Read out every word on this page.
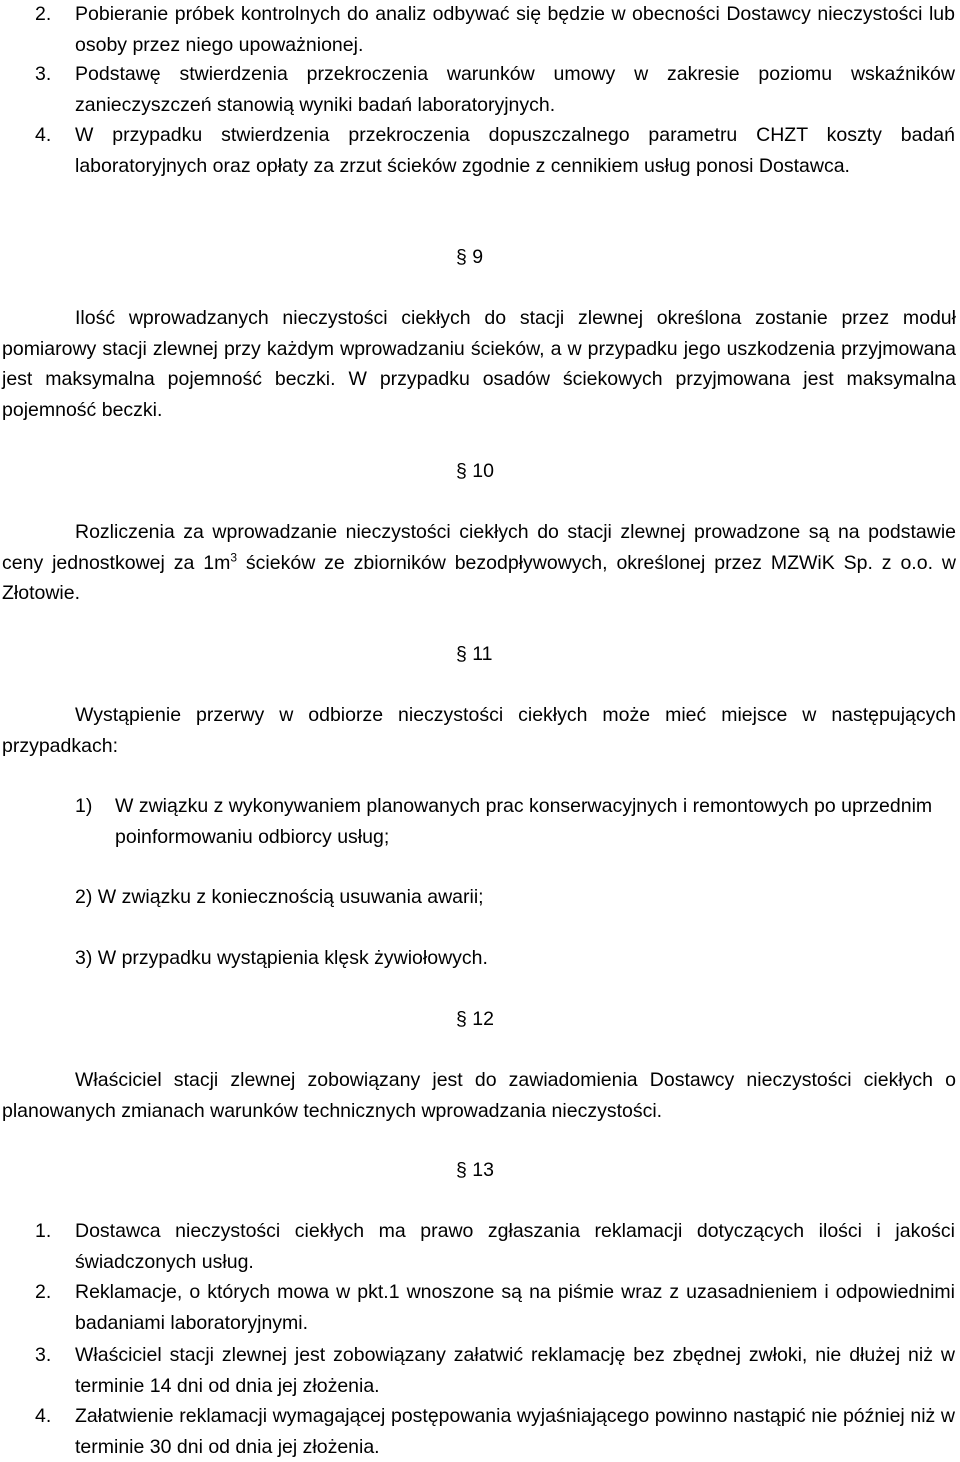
2. Pobieranie próbek kontrolnych do analiz odbywać się będzie w obecności Dostawcy nieczystości lub osoby przez niego upoważnionej.
3. Podstawę stwierdzenia przekroczenia warunków umowy w zakresie poziomu wskaźników zanieczyszczeń stanowią wyniki badań laboratoryjnych.
4. W przypadku stwierdzenia przekroczenia dopuszczalnego parametru CHZT koszty badań laboratoryjnych oraz opłaty za zrzut ścieków zgodnie z cennikiem usług ponosi Dostawca.
§ 9
Ilość wprowadzanych nieczystości ciekłych do stacji zlewnej określona zostanie przez moduł pomiarowy stacji zlewnej przy każdym wprowadzaniu ścieków, a w przypadku jego uszkodzenia przyjmowana jest maksymalna pojemność beczki. W przypadku osadów ściekowych przyjmowana jest maksymalna pojemność beczki.
§ 10
Rozliczenia za wprowadzanie nieczystości ciekłych do stacji zlewnej prowadzone są na podstawie ceny jednostkowej za $1m^3$ ścieków ze zbiorników bezodpływowych, określonej przez MZWiK Sp. z o.o. w Złotowie.
§ 11
Wystąpienie przerwy w odbiorze nieczystości ciekłych może mieć miejsce w następujących przypadkach:
1) W związku z wykonywaniem planowanych prac konserwacyjnych i remontowych po uprzednim poinformowaniu odbiorcy usług;
2) W związku z koniecznością usuwania awarii;
3) W przypadku wystąpienia klęsk żywiołowych.
§ 12
Właściciel stacji zlewnej zobowiązany jest do zawiadomienia Dostawcy nieczystości ciekłych o planowanych zmianach warunków technicznych wprowadzania nieczystości.
§ 13
1. Dostawca nieczystości ciekłych ma prawo zgłaszania reklamacji dotyczących ilości i jakości świadczonych usług.
2. Reklamacje, o których mowa w pkt.1 wnoszone są na piśmie wraz z uzasadnieniem i odpowiednimi badaniami laboratoryjnymi.
3. Właściciel stacji zlewnej jest zobowiązany załatwić reklamację bez zbędnej zwłoki, nie dłużej niż w terminie 14 dni od dnia jej złożenia.
4. Załatwienie reklamacji wymagającej postępowania wyjaśniającego powinno nastąpić nie później niż w terminie 30 dni od dnia jej złożenia.
